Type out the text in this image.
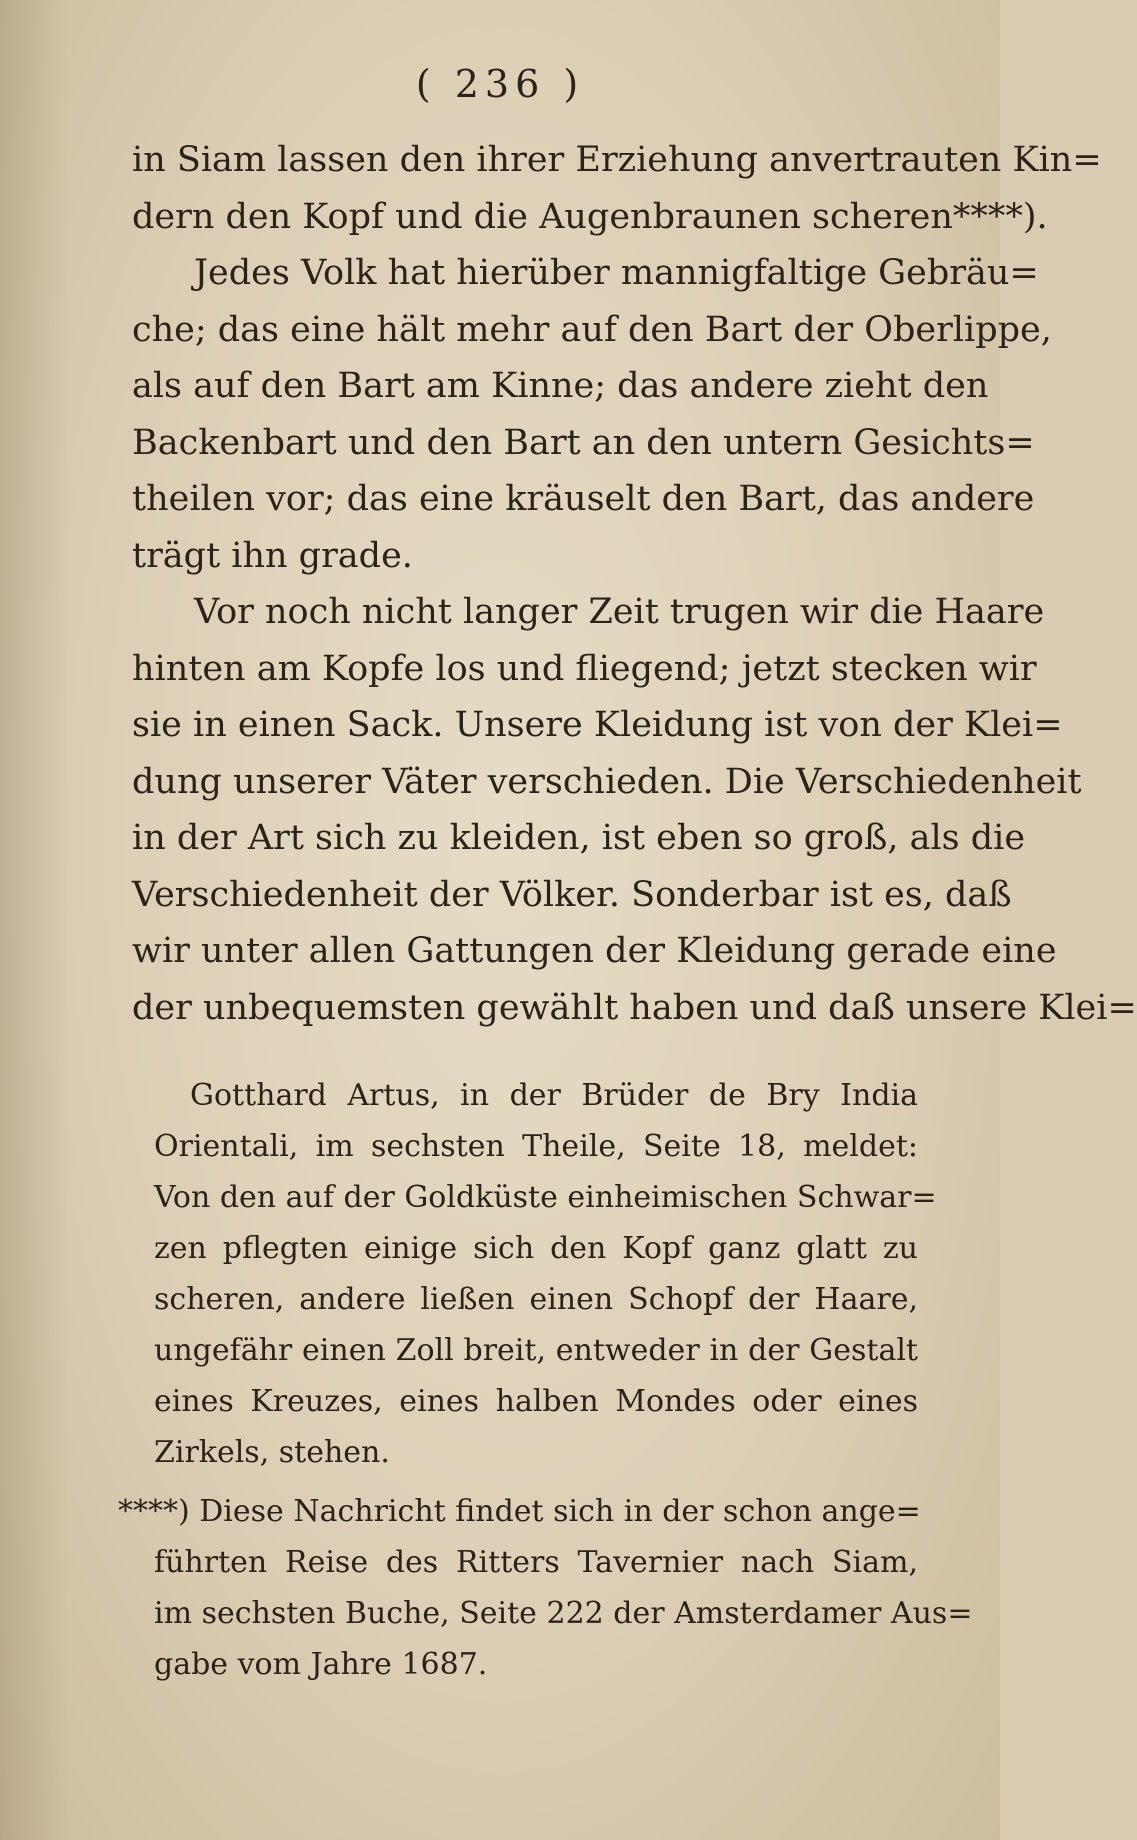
( 236 )
in Siam lassen den ihrer Erziehung anvertrauten Kin=
dern den Kopf und die Augenbraunen scheren****).
Jedes Volk hat hierüber mannigfaltige Gebräu=
che; das eine hält mehr auf den Bart der Oberlippe,
als auf den Bart am Kinne; das andere zieht den
Backenbart und den Bart an den untern Gesichts=
theilen vor; das eine kräuselt den Bart, das andere
trägt ihn grade.
Vor noch nicht langer Zeit trugen wir die Haare
hinten am Kopfe los und fliegend; jetzt stecken wir
sie in einen Sack. Unsere Kleidung ist von der Klei=
dung unserer Väter verschieden. Die Verschiedenheit
in der Art sich zu kleiden, ist eben so groß, als die
Verschiedenheit der Völker. Sonderbar ist es, daß
wir unter allen Gattungen der Kleidung gerade eine
der unbequemsten gewählt haben und daß unsere Klei=
Gotthard Artus, in der Brüder de Bry India
Orientali, im sechsten Theile, Seite 18, meldet:
Von den auf der Goldküste einheimischen Schwar=
zen pflegten einige sich den Kopf ganz glatt zu
scheren, andere ließen einen Schopf der Haare,
ungefähr einen Zoll breit, entweder in der Gestalt
eines Kreuzes, eines halben Mondes oder eines
Zirkels, stehen.
****) Diese Nachricht findet sich in der schon ange=
führten Reise des Ritters Tavernier nach Siam,
im sechsten Buche, Seite 222 der Amsterdamer Aus=
gabe vom Jahre 1687.
